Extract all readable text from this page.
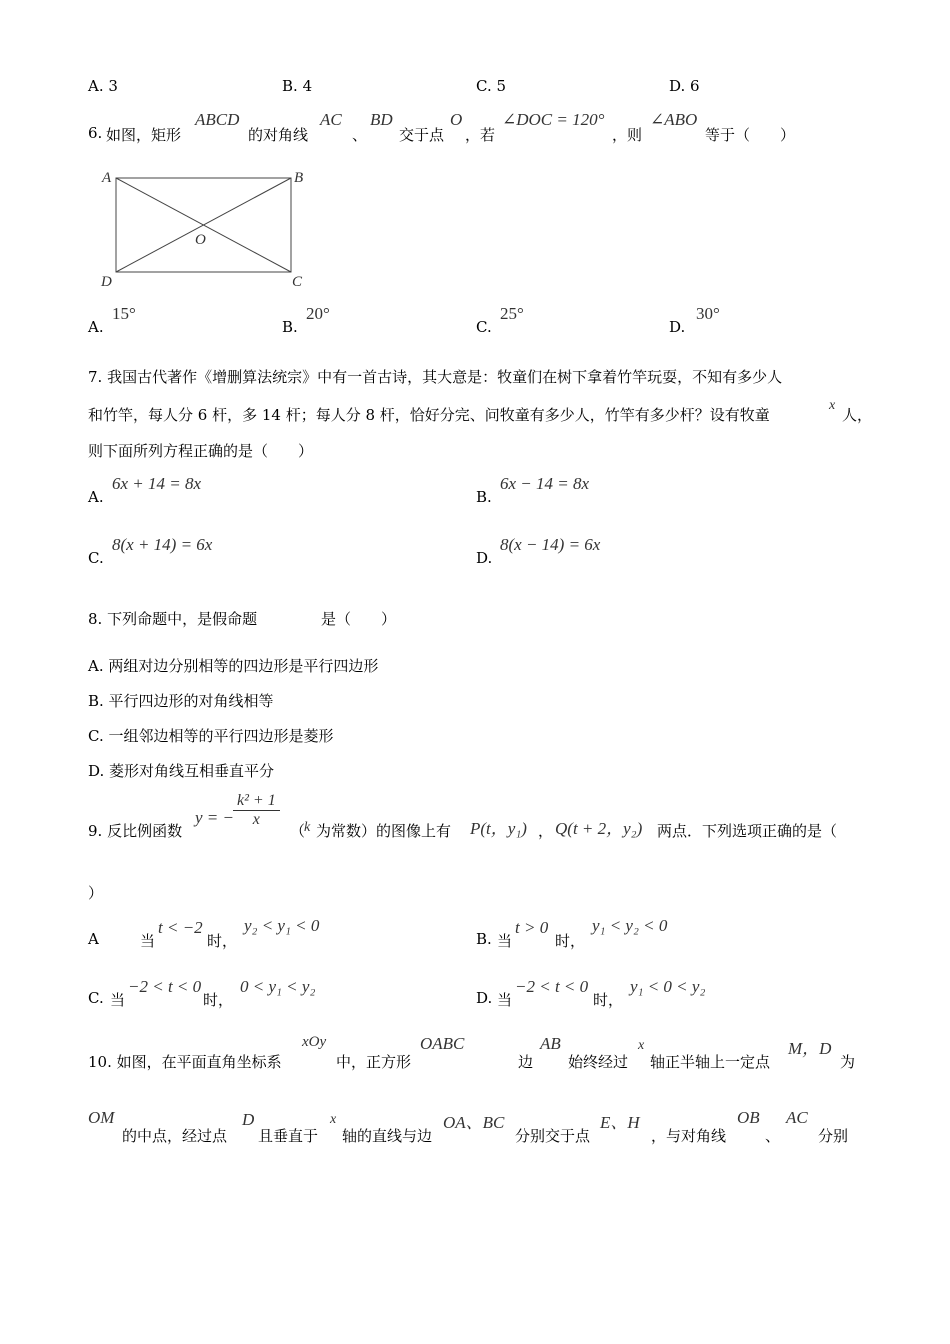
A. 3	B. 4	C. 5	D. 6
6. 如图，矩形
ABCD
的对角线
AC
、
BD
交于点
O
，若
∠DOC = 120°
，则
∠ABO
等于（　　）
A	B
C
D
O
A.
15°
B.
20°
C.
25°
D.
30°
7. 我国古代著作《增删算法统宗》中有一首古诗，其大意是：牧童们在树下拿着竹竿玩耍，不知有多少人
和竹竿，每人分 6 杆，多 14 杆；每人分 8 杆，恰好分完、问牧童有多少人，竹竿有多少杆？设有牧童
x
人，
则下面所列方程正确的是（　　）
A.
6x + 14 = 8x
B.
6x − 14 = 8x
C.
8(x + 14) = 6x
D.
8(x − 14) = 6x
8. 下列命题中，是假命题	是（　　）
A. 两组对边分别相等的四边形是平行四边形
B. 平行四边形的对角线相等
C. 一组邻边相等的平行四边形是菱形
D. 菱形对角线互相垂直平分
9. 反比例函数
y = − $\frac{\text{k² + 1}}{x}$
（
k 为常数）的图像上有 P(t，y₁) ， Q(t + 2，y₂) 两点．下列选项正确的是（
）
A	当
t < −2
时，
y₂ < y₁ < 0
B. 当
t > 0
时，
y₁ < y₂ < 0
C. 当
−2 < t < 0
时，
0 < y₁ < y₂
D. 当
−2 < t < 0
时，
y₁ < 0 < y₂
10. 如图，在平面直角坐标系
xOy
中，正方形
OABC
边
AB
始终经过
x
轴正半轴上一定点
M，D
为
OM
的中点，经过点
D
且垂直于
x
轴的直线与边
OA、BC
分别交于点
E、H
，与对角线
OB
、
AC
分别
